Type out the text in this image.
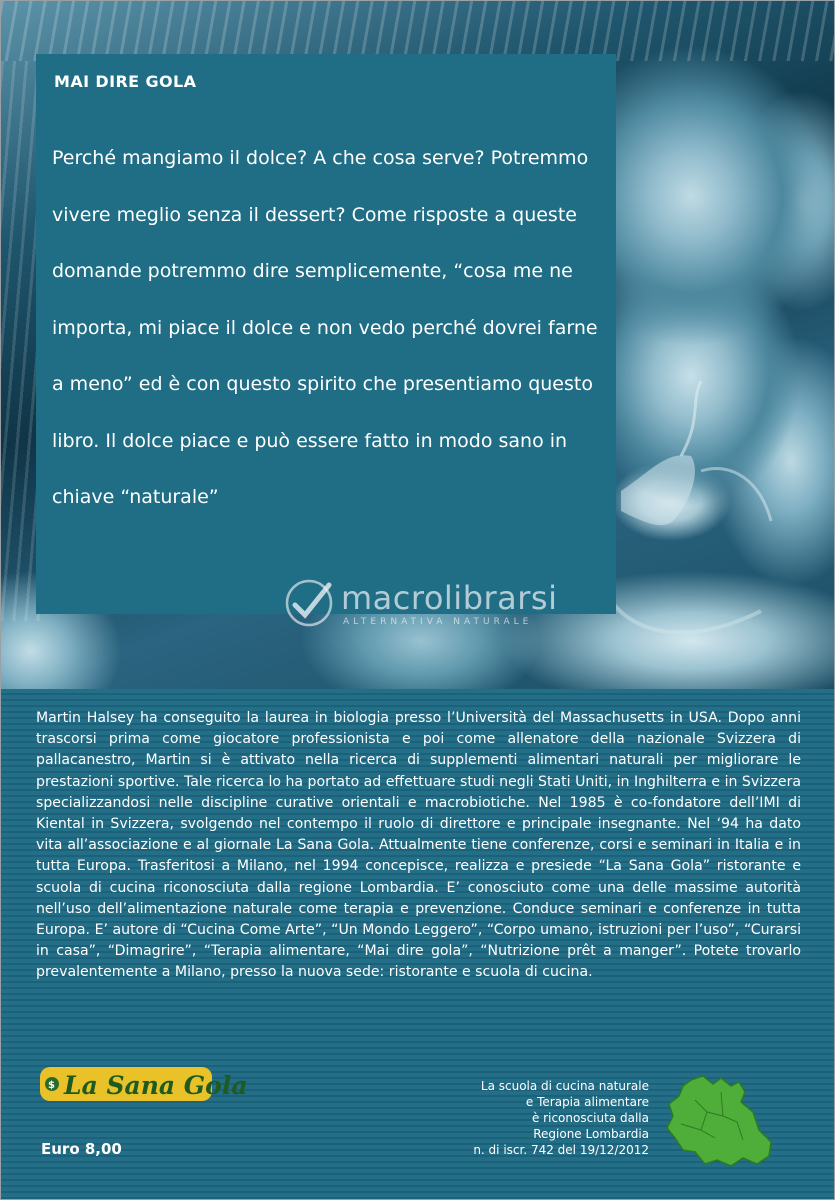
MAI DIRE GOLA

Perché mangiamo il dolce? A che cosa serve? Potremmo vivere meglio senza il dessert? Come risposte a queste domande potremmo dire semplicemente, “cosa me ne importa, mi piace il dolce e non vedo perché dovrei farne a meno” ed è con questo spirito che presentiamo questo libro. Il dolce piace e può essere fatto in modo sano in chiave “naturale”

macrolibrarsi
ALTERNATIVA NATURALE

Martin Halsey ha conseguito la laurea in biologia presso l’Università del Massachusetts in USA. Dopo anni trascorsi prima come giocatore professionista e poi come allenatore della nazionale Svizzera di pallacanestro, Martin si è attivato nella ricerca di supplementi alimentari naturali per migliorare le prestazioni sportive. Tale ricerca lo ha portato ad effettuare studi negli Stati Uniti, in Inghilterra e in Svizzera specializzandosi nelle discipline curative orientali e macrobiotiche. Nel 1985 è co-fondatore dell’IMI di Kiental in Svizzera, svolgendo nel contempo il ruolo di direttore e principale insegnante. Nel ‘94 ha dato vita all’associazione e al giornale La Sana Gola. Attualmente tiene conferenze, corsi e seminari in Italia e in tutta Europa. Trasferitosi a Milano, nel 1994 concepisce, realizza e presiede “La Sana Gola” ristorante e scuola di cucina riconosciuta dalla regione Lombardia. E’ conosciuto come una delle massime autorità nell’uso dell’alimentazione naturale come terapia e prevenzione. Conduce seminari e conferenze in tutta Europa. E’ autore di “Cucina Come Arte”, “Un Mondo Leggero”, “Corpo umano, istruzioni per l’uso”, “Curarsi in casa”, “Dimagrire”, “Terapia alimentare, “Mai dire gola”, “Nutrizione prêt a manger”. Potete trovarlo prevalentemente a Milano, presso la nuova sede: ristorante e scuola di cucina.

$ La Sana Gola

Euro 8,00

La scuola di cucina naturale
e Terapia alimentare
è riconosciuta dalla
Regione Lombardia
n. di iscr. 742 del 19/12/2012
